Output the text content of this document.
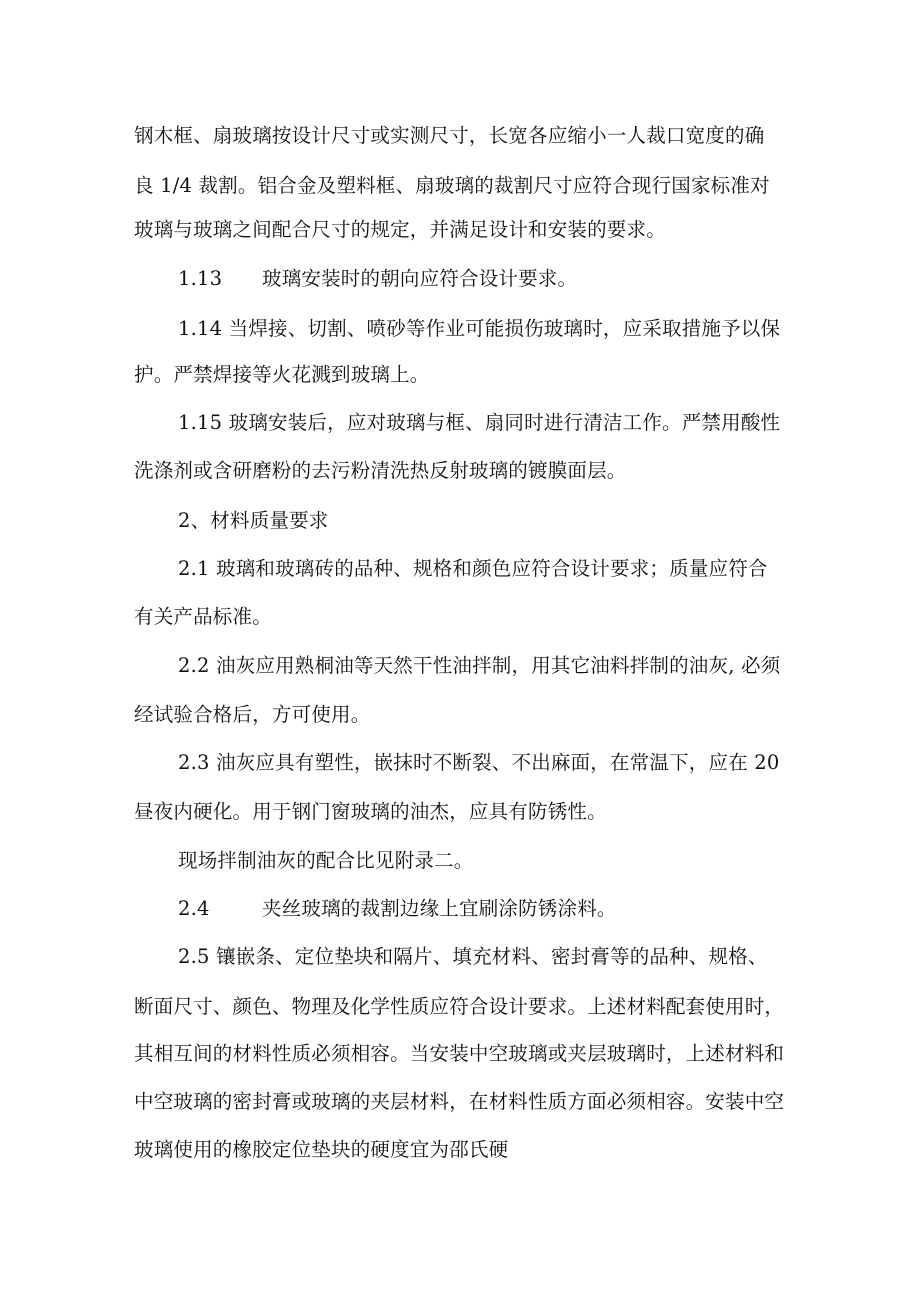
钢木框、扇玻璃按设计尺寸或实测尺寸，长宽各应缩小一人裁口宽度的确
良 1/4 裁割。铝合金及塑料框、扇玻璃的裁割尺寸应符合现行国家标准对
玻璃与玻璃之间配合尺寸的规定，并满足设计和安装的要求。
1.13 玻璃安装时的朝向应符合设计要求。
1.14 当焊接、切割、喷砂等作业可能损伤玻璃时，应采取措施予以保
护。严禁焊接等火花溅到玻璃上。
1.15 玻璃安装后，应对玻璃与框、扇同时进行清洁工作。严禁用酸性
洗涤剂或含研磨粉的去污粉清洗热反射玻璃的镀膜面层。
2、材料质量要求
2.1 玻璃和玻璃砖的品种、规格和颜色应符合设计要求；质量应符合
有关产品标准。
2.2 油灰应用熟桐油等天然干性油拌制，用其它油料拌制的油灰, 必须
经试验合格后，方可使用。
2.3 油灰应具有塑性，嵌抹时不断裂、不出麻面，在常温下，应在 20
昼夜内硬化。用于钢门窗玻璃的油杰，应具有防锈性。
现场拌制油灰的配合比见附录二。
2.4	夹丝玻璃的裁割边缘上宜刷涂防锈涂料。
2.5 镶嵌条、定位垫块和隔片、填充材料、密封膏等的品种、规格、
断面尺寸、颜色、物理及化学性质应符合设计要求。上述材料配套使用时，
其相互间的材料性质必须相容。当安装中空玻璃或夹层玻璃时，上述材料和
中空玻璃的密封膏或玻璃的夹层材料，在材料性质方面必须相容。安装中空
玻璃使用的橡胶定位垫块的硬度宜为邵氏硬
